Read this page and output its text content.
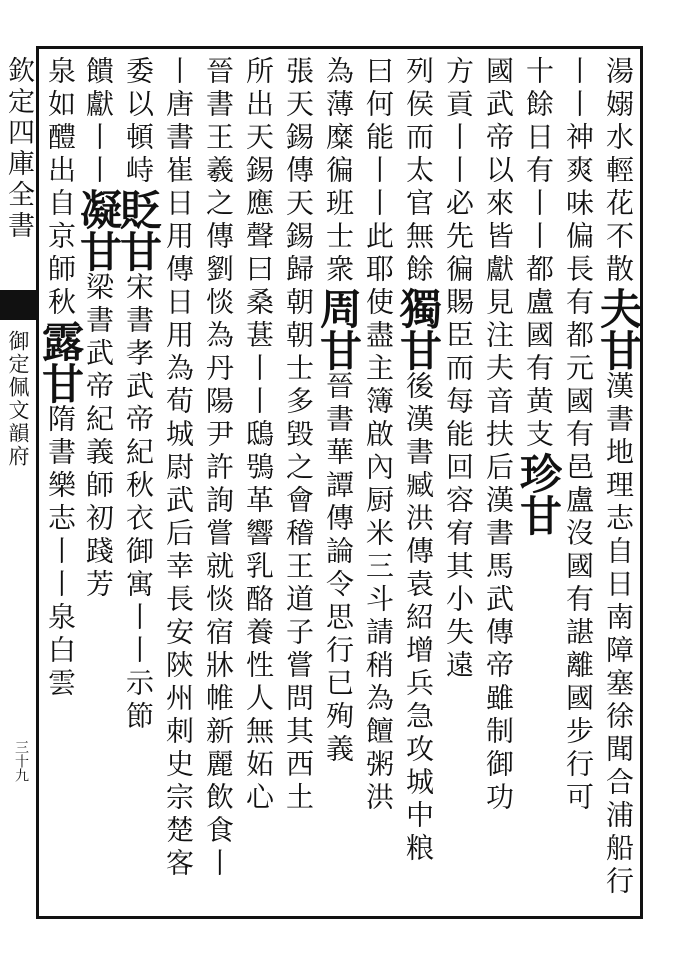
欽定四庫全書
御定佩文韻府
三十九
湯嫋水輕花不散夫甘漢書地理志自日南障塞徐聞合浦船行
丨丨神爽味偏長有都元國有邑盧沒國有諶離國步行可
十餘日有丨丨都盧國有黄支珍甘
國武帝以來皆獻見注夫音扶后漢書馬武傳帝雖制御功
方貢丨丨必先徧賜臣而每能回容宥其小失遠
列侯而太官無餘獨甘後漢書臧洪傳袁紹增兵急攻城中粮
曰何能丨丨此耶使盡主簿啟內厨米三斗請稍為饘粥洪
為薄糜徧班士衆周甘晉書華譚傳論令思行已殉義
張天錫傳天錫歸朝朝士多毀之會稽王道子嘗問其西土
所出天錫應聲曰桑葚丨丨鴟鴞革響乳酪養性人無妬心
晉書王羲之傳劉惔為丹陽尹許詢嘗就惔宿牀帷新麗飲食丨
丨唐書崔日用傳日用為荀城尉武后幸長安陝州刺史宗楚客
委以頓峙貶甘宋書孝武帝紀秋衣御寓丨丨示節
饋獻丨丨凝甘梁書武帝紀義師初踐芳
泉如醴出自京師秋露甘隋書樂志丨丨泉白雲
